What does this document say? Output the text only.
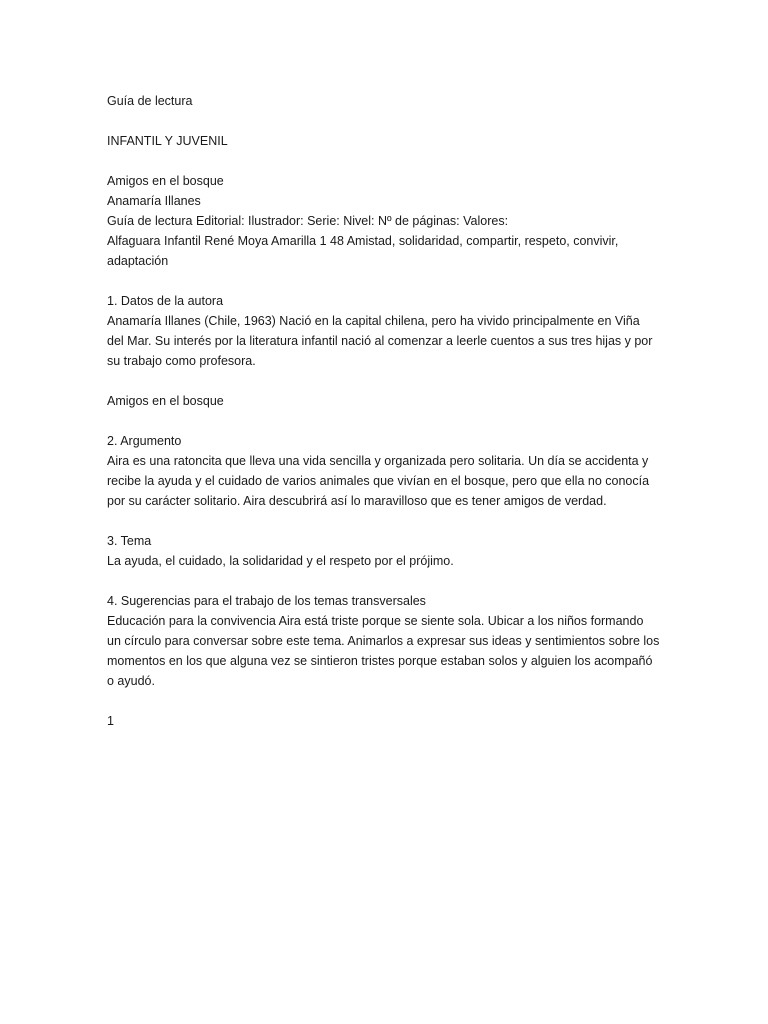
Guía de lectura
INFANTIL Y JUVENIL
Amigos en el bosque
Anamaría Illanes
Guía de lectura Editorial: Ilustrador: Serie: Nivel: Nº de páginas: Valores:
Alfaguara Infantil René Moya Amarilla 1 48 Amistad, solidaridad, compartir, respeto, convivir,
adaptación
1. Datos de la autora
Anamaría Illanes (Chile, 1963) Nació en la capital chilena, pero ha vivido principalmente en Viña
del Mar. Su interés por la literatura infantil nació al comenzar a leerle cuentos a sus tres hijas y por
su trabajo como profesora.
Amigos en el bosque
2. Argumento
Aira es una ratoncita que lleva una vida sencilla y organizada pero solitaria. Un día se accidenta y
recibe la ayuda y el cuidado de varios animales que vivían en el bosque, pero que ella no conocía
por su carácter solitario. Aira descubrirá así lo maravilloso que es tener amigos de verdad.
3. Tema
La ayuda, el cuidado, la solidaridad y el respeto por el prójimo.
4. Sugerencias para el trabajo de los temas transversales
Educación para la convivencia Aira está triste porque se siente sola. Ubicar a los niños formando
un círculo para conversar sobre este tema. Animarlos a expresar sus ideas y sentimientos sobre los
momentos en los que alguna vez se sintieron tristes porque estaban solos y alguien los acompañó
o ayudó.
1
